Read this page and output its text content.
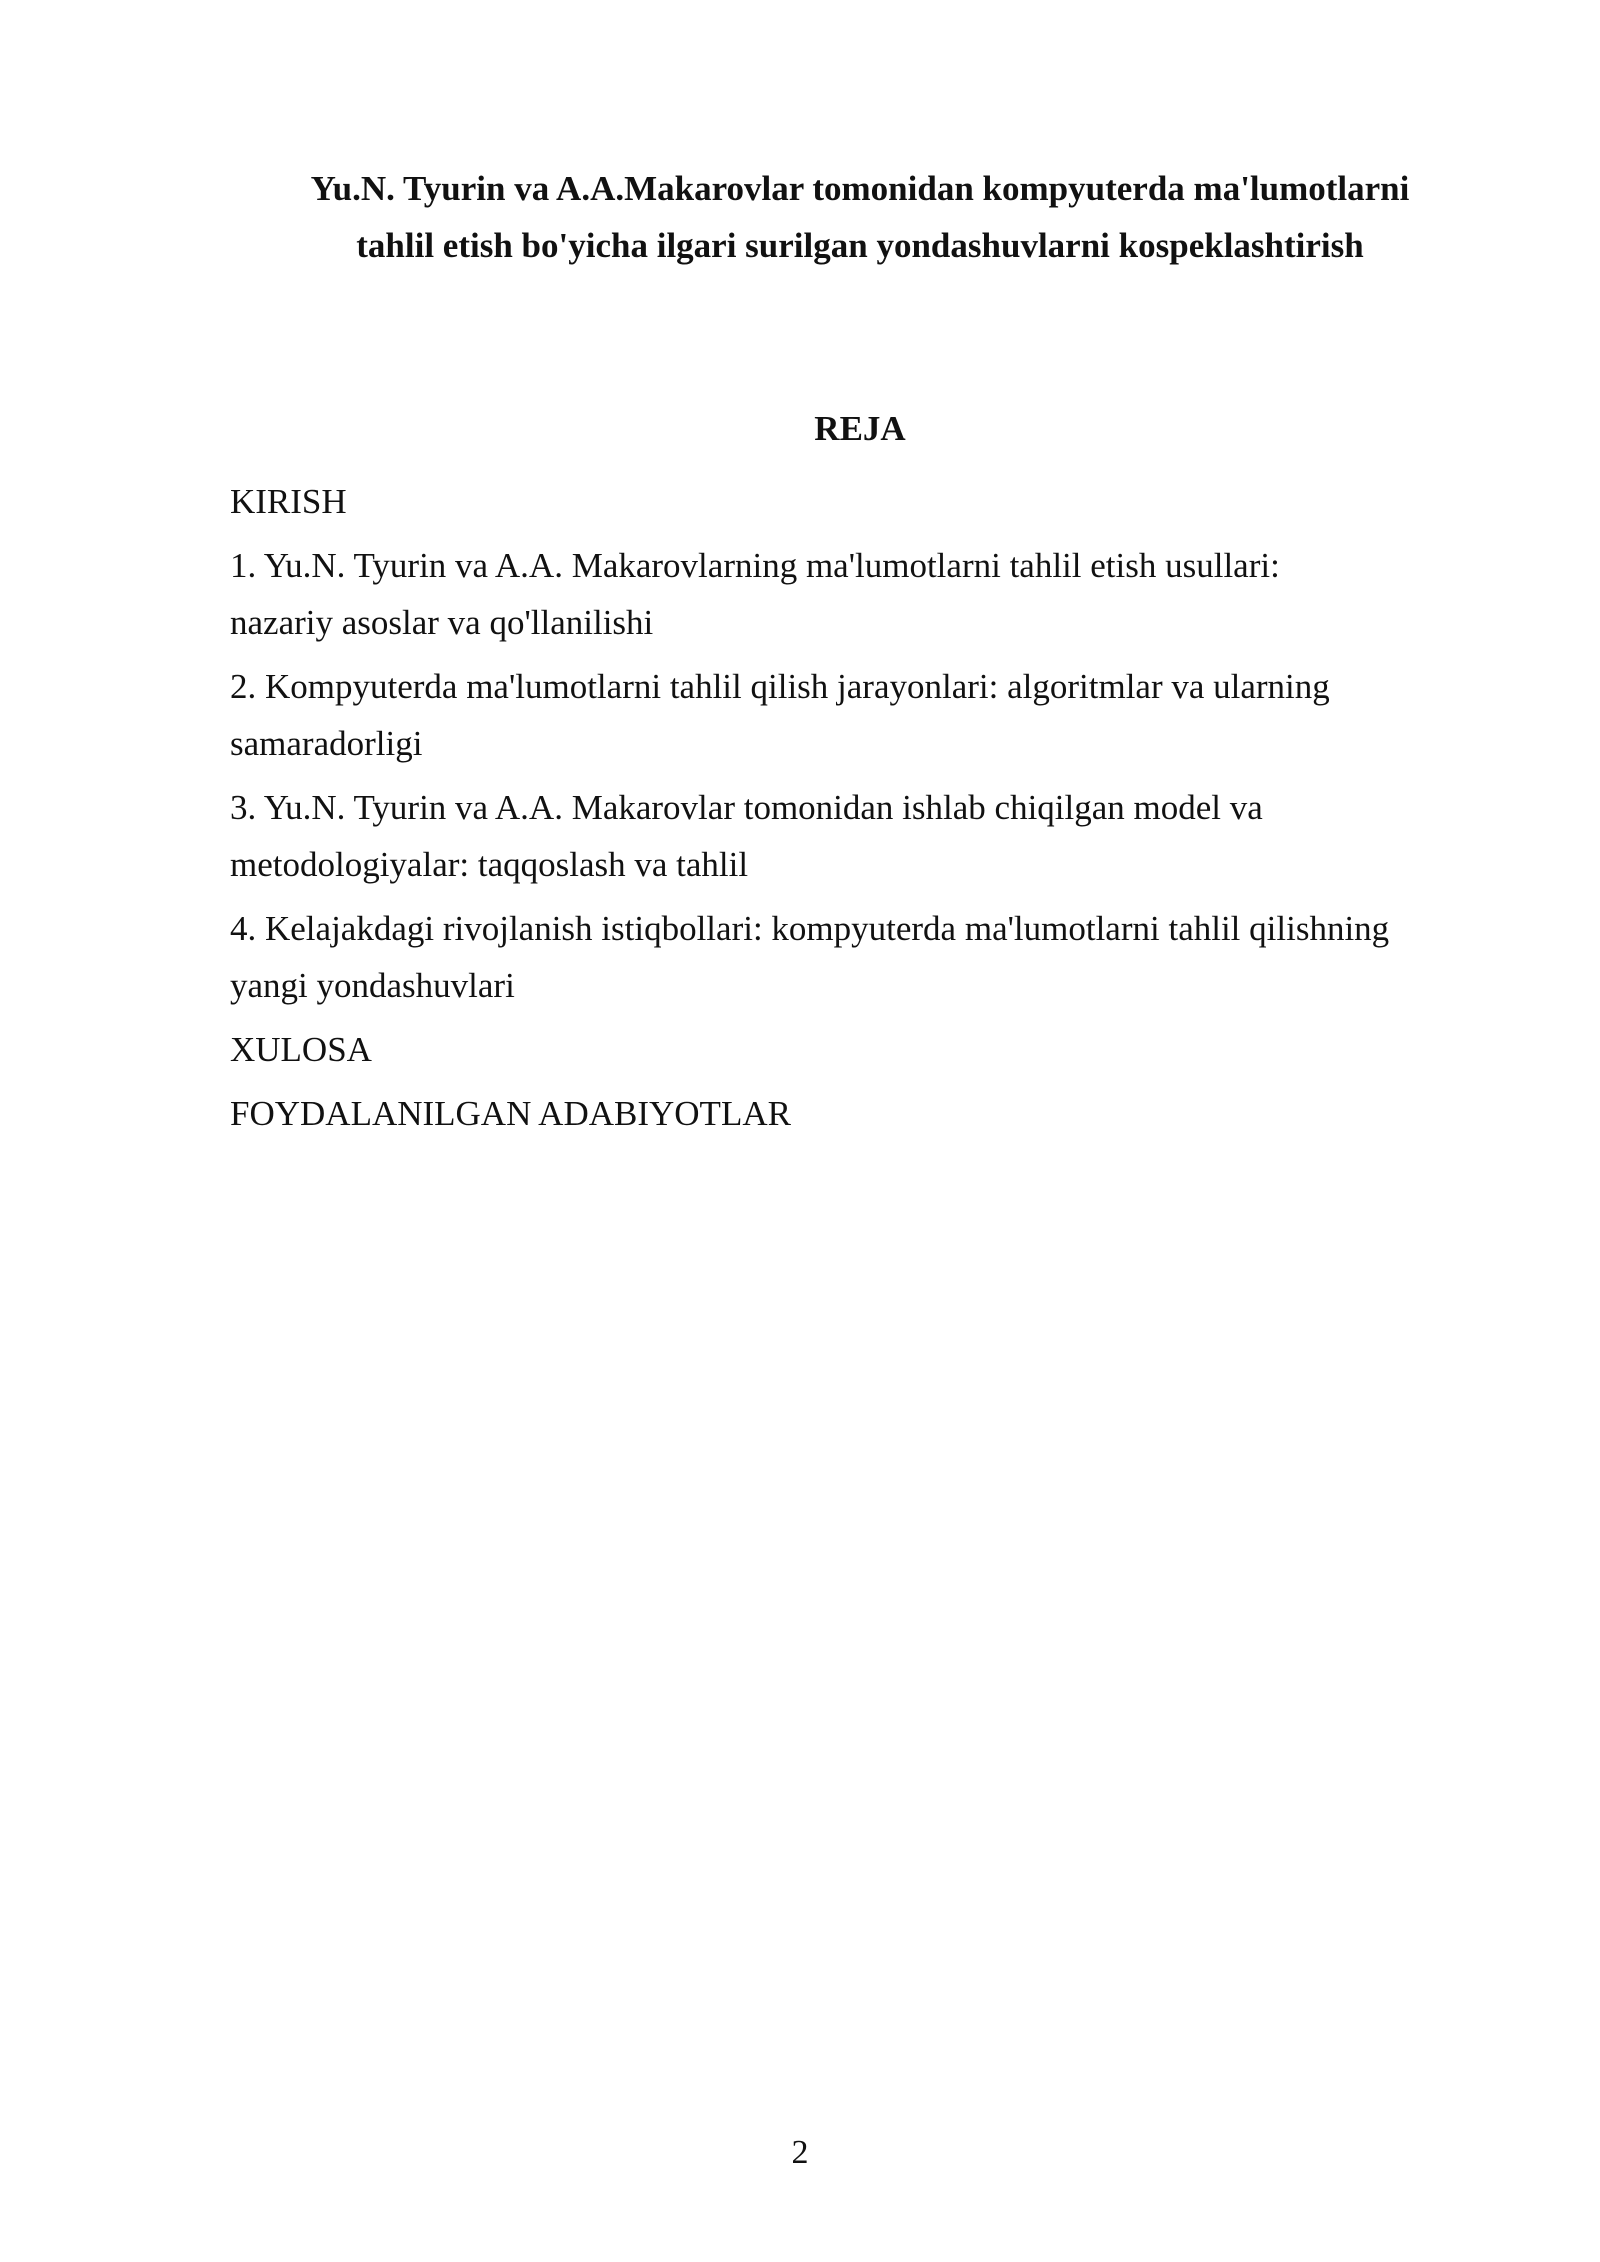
Yu.N. Tyurin va A.A.Makarovlar tomonidan kompyuterda ma'lumotlarni
tahlil etish bo'yicha ilgari surilgan yondashuvlarni kospeklashtirish
REJA
KIRISH
1. Yu.N. Tyurin va A.A. Makarovlarning ma'lumotlarni tahlil etish usullari:
nazariy asoslar va qo'llanilishi
2. Kompyuterda ma'lumotlarni tahlil qilish jarayonlari: algoritmlar va ularning
samaradorligi
3. Yu.N. Tyurin va A.A. Makarovlar tomonidan ishlab chiqilgan model va
metodologiyalar: taqqoslash va tahlil
4. Kelajakdagi rivojlanish istiqbollari: kompyuterda ma'lumotlarni tahlil qilishning
yangi yondashuvlari
XULOSA
FOYDALANILGAN ADABIYOTLAR
2
